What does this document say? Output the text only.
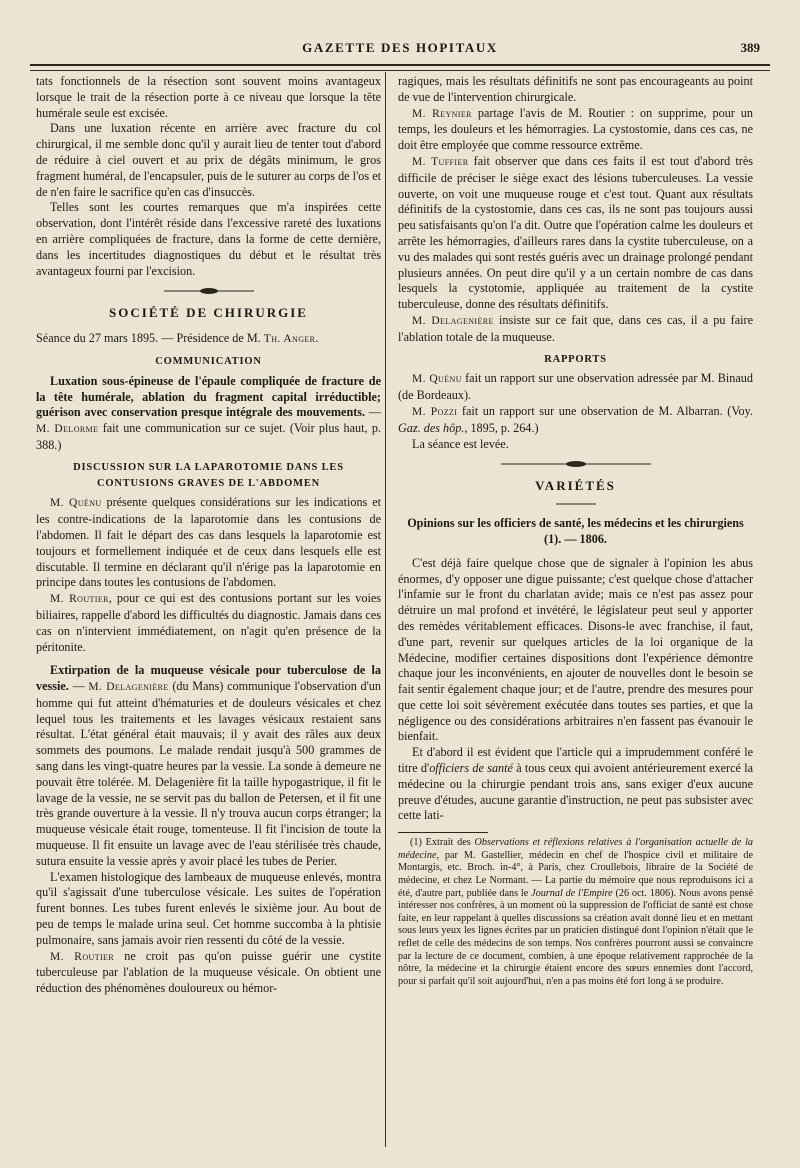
GAZETTE DES HOPITAUX	389

tats fonctionnels de la résection sont souvent moins avantageux lorsque le trait de la résection porte à ce niveau que lorsque la tête humérale seule est excisée.

Dans une luxation récente en arrière avec fracture du col chirurgical, il me semble donc qu'il y aurait lieu de tenter tout d'abord de réduire à ciel ouvert et au prix de dégâts minimum, le gros fragment huméral, de l'encapsuler, puis de le suturer au corps de l'os et de n'en faire le sacrifice qu'en cas d'insuccès.

Telles sont les courtes remarques que m'a inspirées cette observation, dont l'intérêt réside dans l'excessive rareté des luxations en arrière compliquées de fracture, dans la forme de cette dernière, dans les incertitudes diagnostiques du début et le résultat très avantageux fourni par l'excision.

SOCIÉTÉ DE CHIRURGIE

Séance du 27 mars 1895. — Présidence de M. Th. Anger.

COMMUNICATION

Luxation sous-épineuse de l'épaule compliquée de fracture de la tête humérale, ablation du fragment capital irréductible; guérison avec conservation presque intégrale des mouvements. — M. Delorme fait une communication sur ce sujet. (Voir plus haut, p. 388.)

DISCUSSION SUR LA LAPAROTOMIE DANS LES CONTUSIONS GRAVES DE L'ABDOMEN

M. Quénu présente quelques considérations sur les indications et les contre-indications de la laparotomie dans les contusions de l'abdomen. Il fait le départ des cas dans lesquels la laparotomie est toujours et formellement indiquée et de ceux dans lesquels elle est discutable. Il termine en déclarant qu'il n'érige pas la laparotomie en principe dans toutes les contusions de l'abdomen.

M. Routier, pour ce qui est des contusions portant sur les voies biliaires, rappelle d'abord les difficultés du diagnostic. Jamais dans ces cas on n'intervient immédiatement, on n'agit qu'en présence de la péritonite.

Extirpation de la muqueuse vésicale pour tuberculose de la vessie. — M. Delagenière (du Mans) communique l'observation d'un homme qui fut atteint d'hématuries et de douleurs vésicales et chez lequel tous les traitements et les lavages vésicaux restaient sans résultat. L'état général était mauvais; il y avait des râles aux deux sommets des poumons. Le malade rendait jusqu'à 500 grammes de sang dans les vingt-quatre heures par la vessie. La sonde à demeure ne pouvait être tolérée. M. Delagenière fit la taille hypogastrique, il fit le lavage de la vessie, ne se servit pas du ballon de Petersen, et il fit une très grande ouverture à la vessie. Il n'y trouva aucun corps étranger; la muqueuse vésicale était rouge, tomenteuse. Il fit l'incision de toute la muqueuse. Il fit ensuite un lavage avec de l'eau stérilisée très chaude, sutura ensuite la vessie après y avoir placé les tubes de Perier.

L'examen histologique des lambeaux de muqueuse enlevés, montra qu'il s'agissait d'une tuberculose vésicale. Les suites de l'opération furent bonnes. Les tubes furent enlevés le sixième jour. Au bout de peu de temps le malade urina seul. Cet homme succomba à la phtisie pulmonaire, sans jamais avoir rien ressenti du côté de la vessie.

M. Routier ne croit pas qu'on puisse guérir une cystite tuberculeuse par l'ablation de la muqueuse vésicale. On obtient une réduction des phénomènes douloureux ou hémor-

ragiques, mais les résultats définitifs ne sont pas encourageants au point de vue de l'intervention chirurgicale.

M. Reynier partage l'avis de M. Routier : on supprime, pour un temps, les douleurs et les hémorragies. La cystostomie, dans ces cas, ne doit être employée que comme ressource extrême.

M. Tuffier fait observer que dans ces faits il est tout d'abord très difficile de préciser le siège exact des lésions tuberculeuses. La vessie ouverte, on voit une muqueuse rouge et c'est tout. Quant aux résultats définitifs de la cystostomie, dans ces cas, ils ne sont pas toujours aussi peu satisfaisants qu'on l'a dit. Outre que l'opération calme les douleurs et arrête les hémorragies, d'ailleurs rares dans la cystite tuberculeuse, on a vu des malades qui sont restés guéris avec un drainage prolongé pendant plusieurs années. On peut dire qu'il y a un certain nombre de cas dans lesquels la cystotomie, appliquée au traitement de la cystite tuberculeuse, donne des résultats définitifs.

M. Delagenière insiste sur ce fait que, dans ces cas, il a pu faire l'ablation totale de la muqueuse.

RAPPORTS

M. Quénu fait un rapport sur une observation adressée par M. Binaud (de Bordeaux).

M. Pozzi fait un rapport sur une observation de M. Albarran. (Voy. Gaz. des hôp., 1895, p. 264.)

La séance est levée.

VARIÉTÉS
Opinions sur les officiers de santé, les médecins et les chirurgiens (1). — 1806.

C'est déjà faire quelque chose que de signaler à l'opinion les abus énormes, d'y opposer une digue puissante; c'est quelque chose d'attacher l'infamie sur le front du charlatan avide; mais ce n'est pas assez pour détruire un mal profond et invétéré, le législateur peut seul y apporter des remèdes véritablement efficaces. Disons-le avec franchise, il faut, d'une part, revenir sur quelques articles de la loi organique de la Médecine, modifier certaines dispositions dont l'expérience démontre chaque jour les inconvénients, en ajouter de nouvelles dont le besoin se fait sentir également chaque jour; et de l'autre, prendre des mesures pour que cette loi soit sévèrement exécutée dans toutes ses parties, et que la négligence ou des considérations arbitraires n'en fassent pas évanouir le bienfait.

Et d'abord il est évident que l'article qui a imprudemment conféré le titre d'officiers de santé à tous ceux qui avoient antérieurement exercé la médecine ou la chirurgie pendant trois ans, sans exiger d'eux aucune preuve d'études, aucune garantie d'instruction, ne peut pas subsister avec cette lati-

(1) Extrait des Observations et réflexions relatives à l'organisation actuelle de la médecine, par M. Gastellier, médecin en chef de l'hospice civil et militaire de Montargis, etc. Broch. in-4°, à Paris, chez Croullebois, libraire de la Société de médecine, et chez Le Normant. — La partie du mémoire que nous reproduisons ici a été, d'autre part, publiée dans le Journal de l'Empire (26 oct. 1806). Nous avons pensé intéresser nos confrères, à un moment où la suppression de l'officiat de santé est chose faite, en leur rappelant à quelles discussions sa création avait donné lieu et en mettant sous leurs yeux les lignes écrites par un praticien distingué dont l'opinion n'était que le reflet de celle des médecins de son temps. Nos confrères pourront aussi se convaincre par la lecture de ce document, combien, à une époque relativement rapprochée de la nôtre, la médecine et la chirurgie étaient encore des sœurs ennemies dont l'accord, pour si parfait qu'il soit aujourd'hui, n'en a pas moins été fort long à se produire.
